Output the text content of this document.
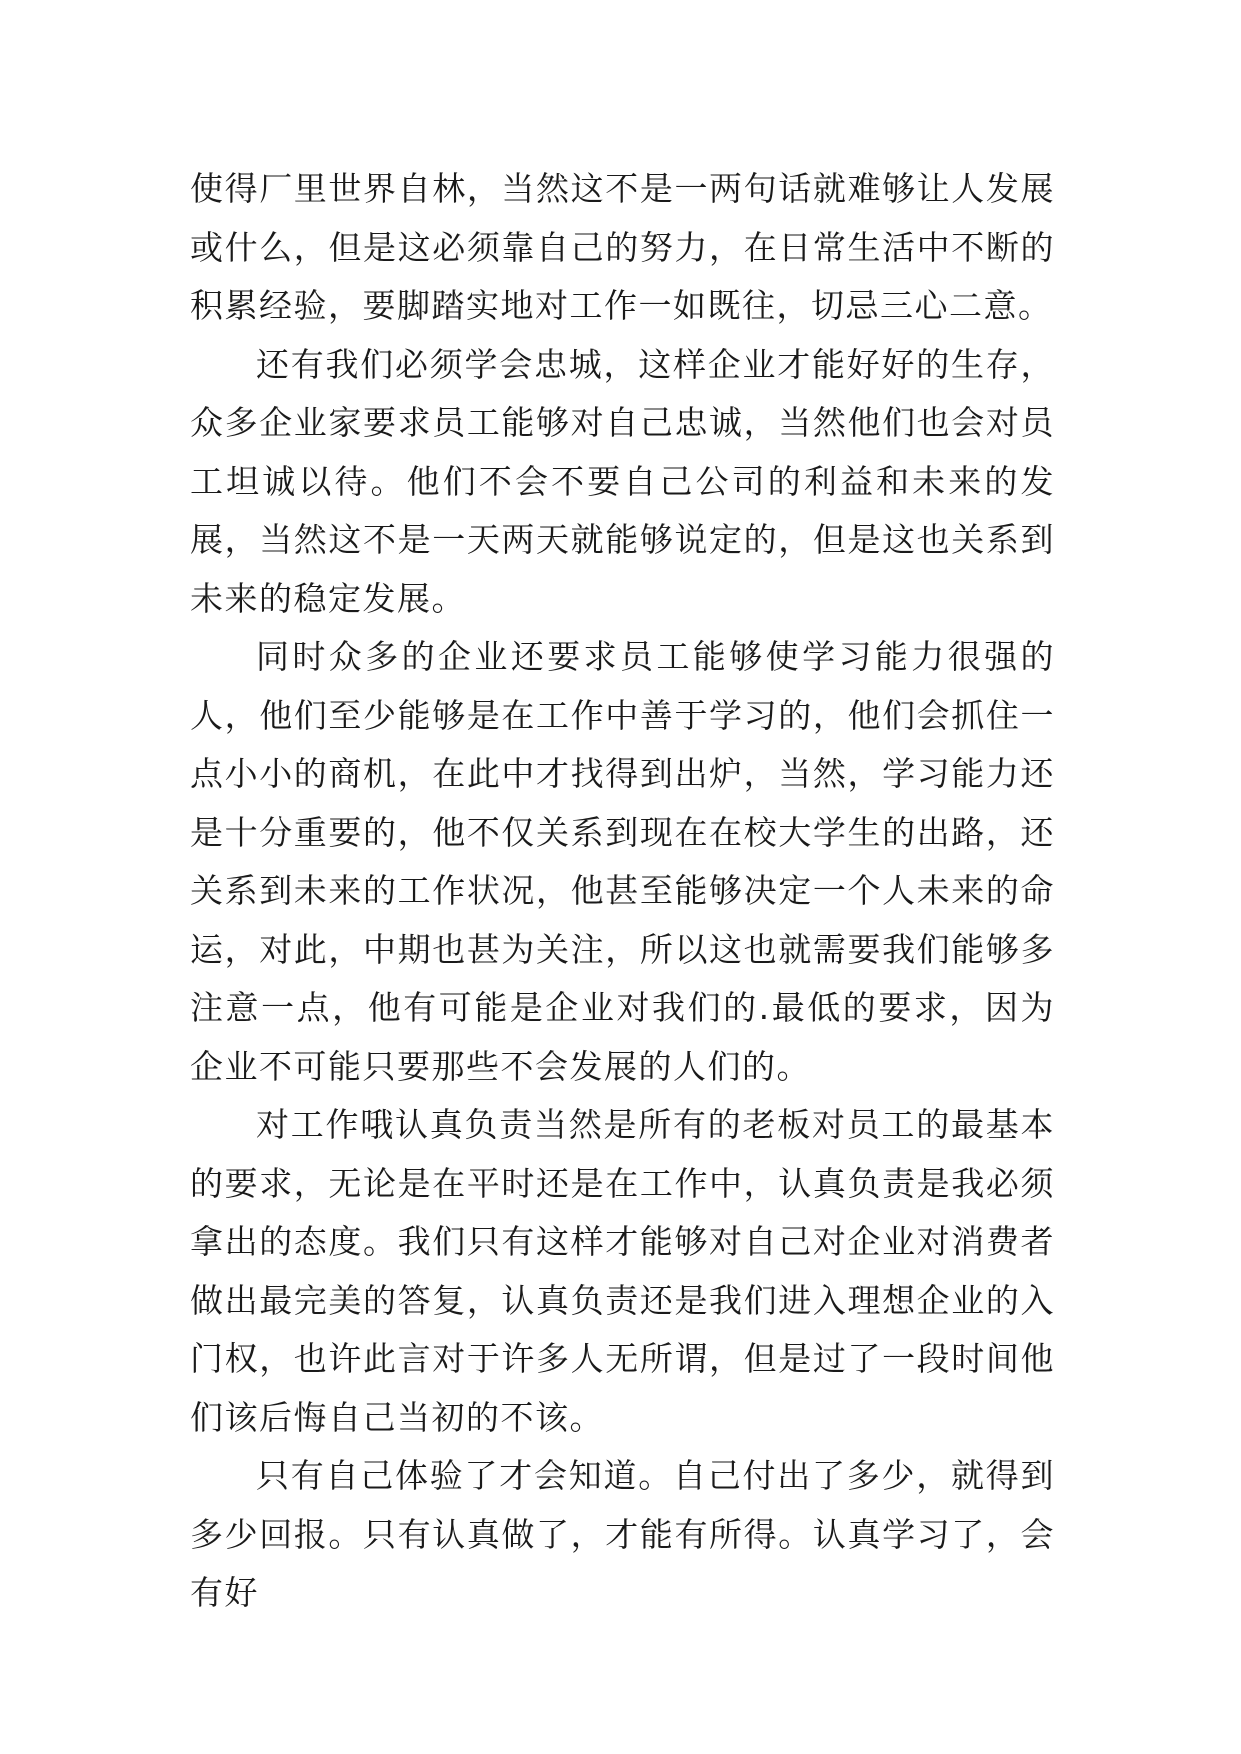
使得厂里世界自林，当然这不是一两句话就难够让人发展或什么，但是这必须靠自己的努力，在日常生活中不断的积累经验，要脚踏实地对工作一如既往，切忌三心二意。

还有我们必须学会忠城，这样企业才能好好的生存，众多企业家要求员工能够对自己忠诚，当然他们也会对员工坦诚以待。他们不会不要自己公司的利益和未来的发展，当然这不是一天两天就能够说定的，但是这也关系到未来的稳定发展。

同时众多的企业还要求员工能够使学习能力很强的人，他们至少能够是在工作中善于学习的，他们会抓住一点小小的商机，在此中才找得到出炉，当然，学习能力还是十分重要的，他不仅关系到现在在校大学生的出路，还关系到未来的工作状况，他甚至能够决定一个人未来的命运，对此，中期也甚为关注，所以这也就需要我们能够多注意一点，他有可能是企业对我们的.最低的要求，因为企业不可能只要那些不会发展的人们的。

对工作哦认真负责当然是所有的老板对员工的最基本的要求，无论是在平时还是在工作中，认真负责是我必须拿出的态度。我们只有这样才能够对自己对企业对消费者做出最完美的答复，认真负责还是我们进入理想企业的入门权，也许此言对于许多人无所谓，但是过了一段时间他们该后悔自己当初的不该。

只有自己体验了才会知道。自己付出了多少，就得到多少回报。只有认真做了，才能有所得。认真学习了，会有好
